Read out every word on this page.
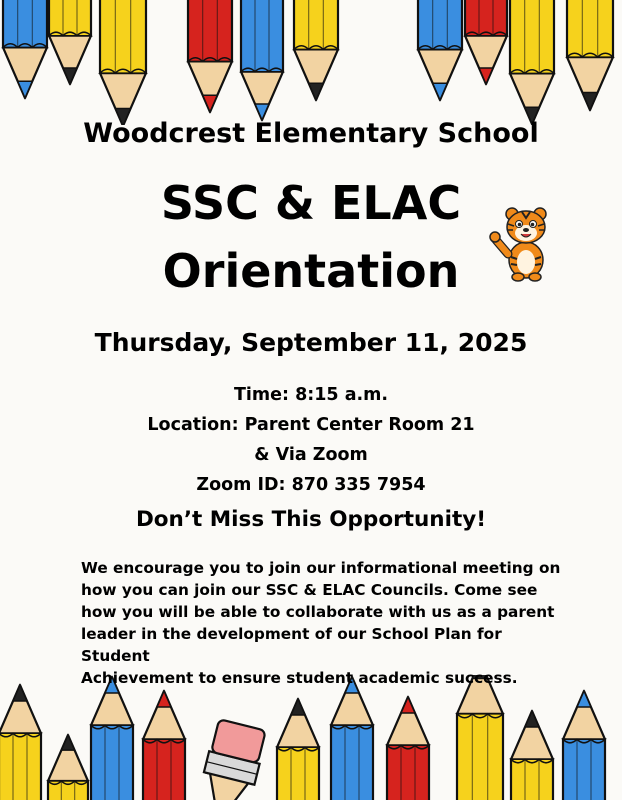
Woodcrest Elementary School
SSC & ELAC
Orientation
Thursday, September 11, 2025
Time: 8:15 a.m.
Location: Parent Center Room 21
& Via Zoom
Zoom ID: 870 335 7954
Don’t Miss This Opportunity!
We encourage you to join our informational meeting on
how you can join our SSC & ELAC Councils. Come see
how you will be able to collaborate with us as a parent
leader in the development of our School Plan for Student
Achievement to ensure student academic success.
